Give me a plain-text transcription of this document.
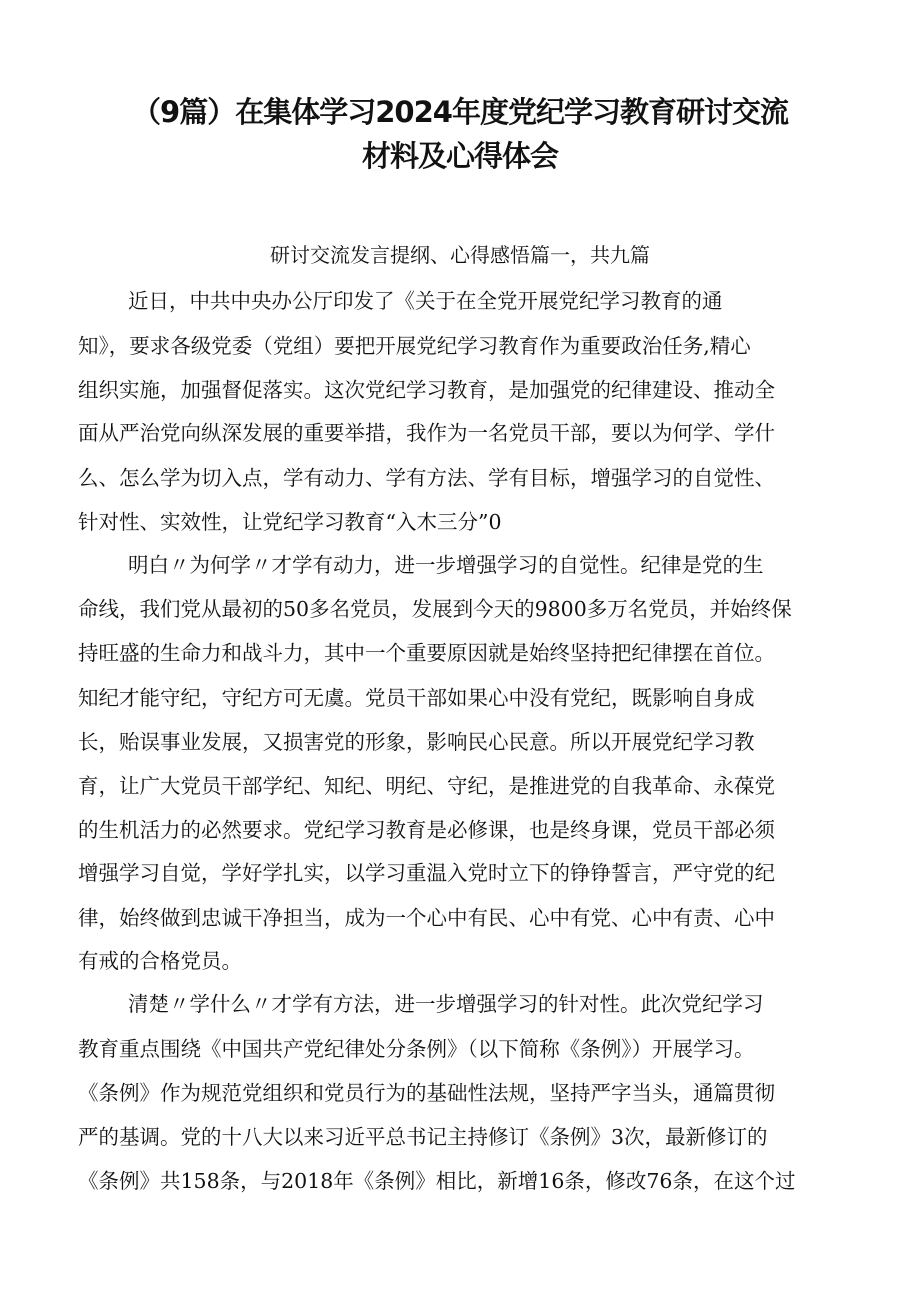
（9篇）在集体学习2024年度党纪学习教育研讨交流
材料及心得体会

研讨交流发言提纲、心得感悟篇一，共九篇

近日，中共中央办公厅印发了《关于在全党开展党纪学习教育的通

知》，要求各级党委（党组）要把开展党纪学习教育作为重要政治任务,精心

组织实施，加强督促落实。这次党纪学习教育，是加强党的纪律建设、推动全

面从严治党向纵深发展的重要举措，我作为一名党员干部，要以为何学、学什

么、怎么学为切入点，学有动力、学有方法、学有目标，增强学习的自觉性、

针对性、实效性，让党纪学习教育“入木三分”0

明白〃为何学〃才学有动力，进一步增强学习的自觉性。纪律是党的生

命线，我们党从最初的50多名党员，发展到今天的9800多万名党员，并始终保

持旺盛的生命力和战斗力，其中一个重要原因就是始终坚持把纪律摆在首位。

知纪才能守纪，守纪方可无虞。党员干部如果心中没有党纪，既影响自身成

长，贻误事业发展，又损害党的形象，影响民心民意。所以开展党纪学习教

育，让广大党员干部学纪、知纪、明纪、守纪，是推进党的自我革命、永葆党

的生机活力的必然要求。党纪学习教育是必修课，也是终身课，党员干部必须

增强学习自觉，学好学扎实，以学习重温入党时立下的铮铮誓言，严守党的纪

律，始终做到忠诚干净担当，成为一个心中有民、心中有党、心中有责、心中

有戒的合格党员。

清楚〃学什么〃才学有方法，进一步增强学习的针对性。此次党纪学习

教育重点围绕《中国共产党纪律处分条例》（以下简称《条例》）开展学习。

《条例》作为规范党组织和党员行为的基础性法规，坚持严字当头，通篇贯彻

严的基调。党的十八大以来习近平总书记主持修订《条例》3次，最新修订的

《条例》共158条，与2018年《条例》相比，新增16条，修改76条，在这个过
